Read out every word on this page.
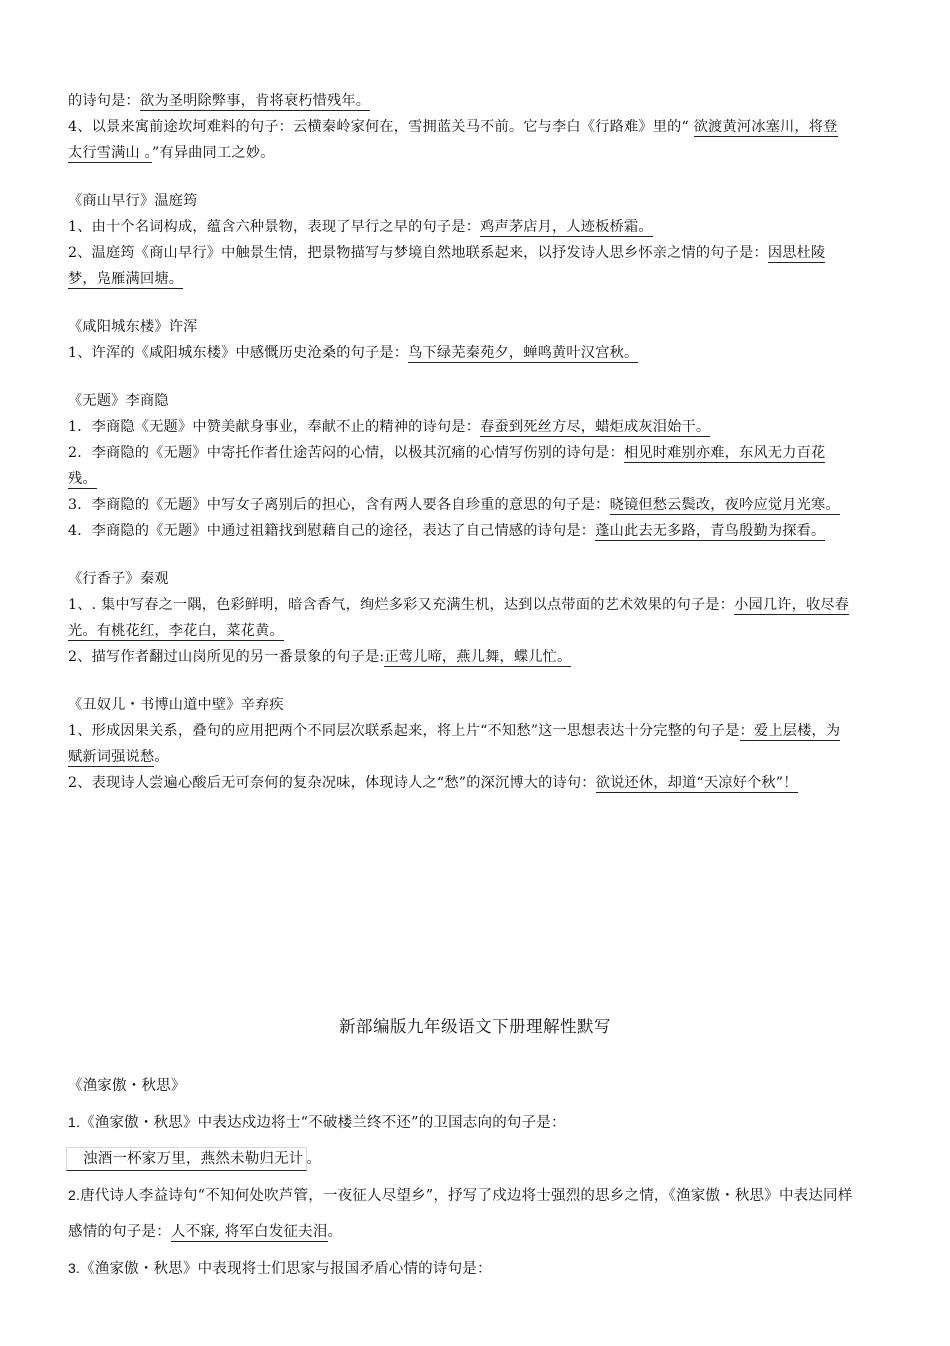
的诗句是：欲为圣明除弊事，肯将衰朽惜残年。

4、以景来寓前途坎坷难料的句子：云横秦岭家何在，雪拥蓝关马不前。它与李白《行路难》里的“ 欲渡黄河冰塞川，将登太行雪满山 。”有异曲同工之妙。

《商山早行》温庭筠

1、由十个名词构成，蕴含六种景物，表现了早行之早的句子是：鸡声茅店月，人迹板桥霜。

2、温庭筠《商山早行》中触景生情，把景物描写与梦境自然地联系起来，以抒发诗人思乡怀亲之情的句子是：因思杜陵梦，凫雁满回塘。

《咸阳城东楼》许浑

1、许浑的《咸阳城东楼》中感慨历史沧桑的句子是：鸟下绿芜秦苑夕，蝉鸣黄叶汉宫秋。

《无题》李商隐

1．李商隐《无题》中赞美献身事业，奉献不止的精神的诗句是：春蚕到死丝方尽，蜡炬成灰泪始干。

2．李商隐的《无题》中寄托作者仕途苦闷的心情，以极其沉痛的心情写伤别的诗句是：相见时难别亦难，东风无力百花残。

3．李商隐的《无题》中写女子离别后的担心，含有两人要各自珍重的意思的句子是：晓镜但愁云鬓改，夜吟应觉月光寒。

4．李商隐的《无题》中通过祖籍找到慰藉自己的途径，表达了自己情感的诗句是：蓬山此去无多路，青鸟殷勤为探看。

《行香子》秦观

1、. 集中写春之一隅，色彩鲜明，暗含香气，绚烂多彩又充满生机，达到以点带面的艺术效果的句子是：小园几许，收尽春光。有桃花红，李花白，菜花黄。

2、描写作者翻过山岗所见的另一番景象的句子是:正莺儿啼，燕儿舞，蝶儿忙。

《丑奴儿・书博山道中壁》辛弃疾

1、形成因果关系，叠句的应用把两个不同层次联系起来，将上片“不知愁”这一思想表达十分完整的句子是：爱上层楼，为赋新词强说愁。

2、表现诗人尝遍心酸后无可奈何的复杂况味，体现诗人之“愁”的深沉博大的诗句：欲说还休，却道“天凉好个秋”！

新部编版九年级语文下册理解性默写

《渔家傲・秋思》

1.《渔家傲・秋思》中表达戍边将士“不破楼兰终不还”的卫国志向的句子是：

浊酒一杯家万里，燕然未勒归无计 。

2.唐代诗人李益诗句“不知何处吹芦管，一夜征人尽望乡”，抒写了戍边将士强烈的思乡之情，《渔家傲・秋思》中表达同样感情的句子是：人不寐, 将军白发征夫泪。

3.《渔家傲・秋思》中表现将士们思家与报国矛盾心情的诗句是：
